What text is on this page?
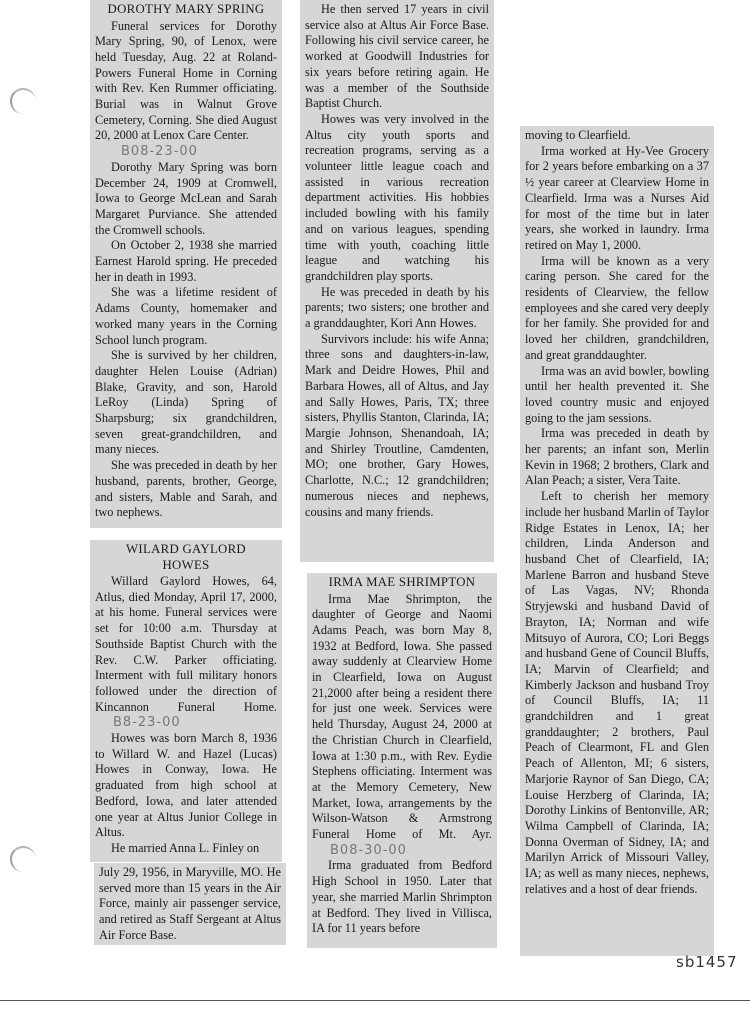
DOROTHY MARY SPRING

Funeral services for Dorothy Mary Spring, 90, of Lenox, were held Tuesday, Aug. 22 at Roland-Powers Funeral Home in Corning with Rev. Ken Rummer officiating. Burial was in Walnut Grove Cemetery, Corning. She died August 20, 2000 at Lenox Care Center.
B08-23-00

Dorothy Mary Spring was born December 24, 1909 at Cromwell, Iowa to George McLean and Sarah Margaret Purviance. She attended the Cromwell schools.

On October 2, 1938 she married Earnest Harold spring. He preceded her in death in 1993.

She was a lifetime resident of Adams County, homemaker and worked many years in the Corning School lunch program.

She is survived by her children, daughter Helen Louise (Adrian) Blake, Gravity, and son, Harold LeRoy (Linda) Spring of Sharpsburg; six grandchildren, seven great-grandchildren, and many nieces.

She was preceded in death by her husband, parents, brother, George, and sisters, Mable and Sarah, and two nephews.

WILARD GAYLORD
HOWES

Willard Gaylord Howes, 64, Atlus, died Monday, April 17, 2000, at his home. Funeral services were set for 10:00 a.m. Thursday at Southside Baptist Church with the Rev. C.W. Parker officiating. Interment with full military honors followed under the direction of Kincannon Funeral Home. B8-23-00

Howes was born March 8, 1936 to Willard W. and Hazel (Lucas) Howes in Conway, Iowa. He graduated from high school at Bedford, Iowa, and later attended one year at Altus Junior College in Altus.

He married Anna L. Finley on

July 29, 1956, in Maryville, MO. He served more than 15 years in the Air Force, mainly air passenger service, and retired as Staff Sergeant at Altus Air Force Base.

He then served 17 years in civil service also at Altus Air Force Base. Following his civil service career, he worked at Goodwill Industries for six years before retiring again. He was a member of the Southside Baptist Church.

Howes was very involved in the Altus city youth sports and recreation programs, serving as a volunteer little league coach and assisted in various recreation department activities. His hobbies included bowling with his family and on various leagues, spending time with youth, coaching little league and watching his grandchildren play sports.

He was preceded in death by his parents; two sisters; one brother and a granddaughter, Kori Ann Howes.

Survivors include: his wife Anna; three sons and daughters-in-law, Mark and Deidre Howes, Phil and Barbara Howes, all of Altus, and Jay and Sally Howes, Paris, TX; three sisters, Phyllis Stanton, Clarinda, IA; Margie Johnson, Shenandoah, IA; and Shirley Troutline, Camdenten, MO; one brother, Gary Howes, Charlotte, N.C.; 12 grandchildren; numerous nieces and nephews, cousins and many friends.

IRMA MAE SHRIMPTON

Irma Mae Shrimpton, the daughter of George and Naomi Adams Peach, was born May 8, 1932 at Bedford, Iowa. She passed away suddenly at Clearview Home in Clearfield, Iowa on August 21,2000 after being a resident there for just one week. Services were held Thursday, August 24, 2000 at the Christian Church in Clearfield, Iowa at 1:30 p.m., with Rev. Eydie Stephens officiating. Interment was at the Memory Cemetery, New Market, Iowa, arrangements by the Wilson-Watson & Armstrong Funeral Home of Mt. Ayr. B08-30-00

Irma graduated from Bedford High School in 1950. Later that year, she married Marlin Shrimpton at Bedford. They lived in Villisca, IA for 11 years before

moving to Clearfield.

Irma worked at Hy-Vee Grocery for 2 years before embarking on a 37 ½ year career at Clearview Home in Clearfield. Irma was a Nurses Aid for most of the time but in later years, she worked in laundry. Irma retired on May 1, 2000.

Irma will be known as a very caring person. She cared for the residents of Clearview, the fellow employees and she cared very deeply for her family. She provided for and loved her children, grandchildren, and great granddaughter.

Irma was an avid bowler, bowling until her health prevented it. She loved country music and enjoyed going to the jam sessions.

Irma was preceded in death by her parents; an infant son, Merlin Kevin in 1968; 2 brothers, Clark and Alan Peach; a sister, Vera Taite.

Left to cherish her memory include her husband Marlin of Taylor Ridge Estates in Lenox, IA; her children, Linda Anderson and husband Chet of Clearfield, IA; Marlene Barron and husband Steve of Las Vagas, NV; Rhonda Stryjewski and husband David of Brayton, IA; Norman and wife Mitsuyo of Aurora, CO; Lori Beggs and husband Gene of Council Bluffs, IA; Marvin of Clearfield; and Kimberly Jackson and husband Troy of Council Bluffs, IA; 11 grandchildren and 1 great granddaughter; 2 brothers, Paul Peach of Clearmont, FL and Glen Peach of Allenton, MI; 6 sisters, Marjorie Raynor of San Diego, CA; Louise Herzberg of Clarinda, IA; Dorothy Linkins of Bentonville, AR; Wilma Campbell of Clarinda, IA; Donna Overman of Sidney, IA; and Marilyn Arrick of Missouri Valley, IA; as well as many nieces, nephews, relatives and a host of dear friends.

sb1457
